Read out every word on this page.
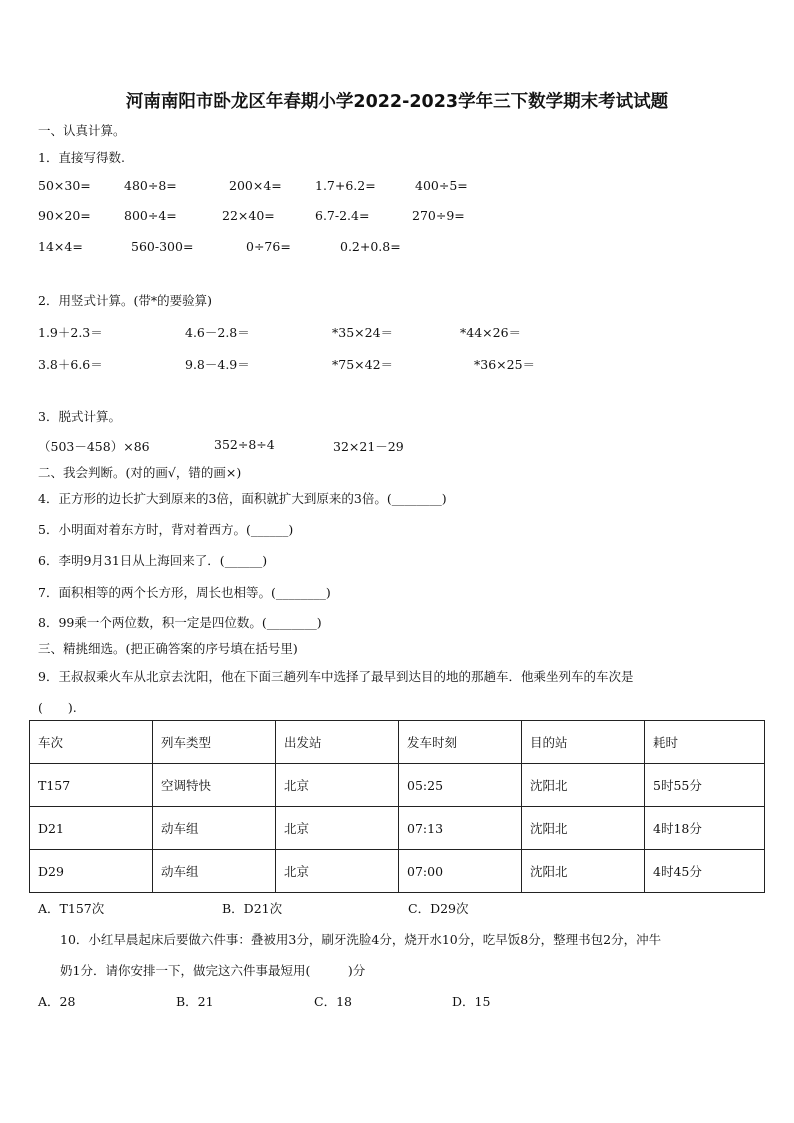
河南南阳市卧龙区年春期小学2022-2023学年三下数学期末考试试题
一、认真计算。
1．直接写得数.
50×30=	480÷8=	200×4=	1.7+6.2=	400÷5=
90×20=	800÷4=	22×40=	6.7-2.4=	270÷9=
14×4=	560-300=	0÷76=	0.2+0.8=
2．用竖式计算。(带*的要验算)
1.9＋2.3＝	4.6－2.8＝	*35×24＝	*44×26＝
3.8＋6.6＝	9.8－4.9＝	*75×42＝	*36×25＝
3．脱式计算。
（503－458）×86	352÷8÷4	32×21－29
二、我会判断。(对的画√，错的画×)
4．正方形的边长扩大到原来的3倍，面积就扩大到原来的3倍。(________)
5．小明面对着东方时，背对着西方。(______)
6．李明9月31日从上海回来了．(______)
7．面积相等的两个长方形，周长也相等。(________)
8．99乘一个两位数，积一定是四位数。(________)
三、精挑细选。(把正确答案的序号填在括号里)
9．王叔叔乘火车从北京去沈阳，他在下面三趟列车中选择了最早到达目的地的那趟车．他乘坐列车的车次是
(　　).
车次	列车类型	出发站	发车时刻	目的站	耗时
T157	空调特快	北京	05:25	沈阳北	5时55分
D21	动车组	北京	07:13	沈阳北	4时18分
D29	动车组	北京	07:00	沈阳北	4时45分
A．T157次	B．D21次	C．D29次
10．小红早晨起床后要做六件事：叠被用3分，刷牙洗脸4分，烧开水10分，吃早饭8分，整理书包2分，冲牛
奶1分．请你安排一下，做完这六件事最短用(　　　)分
A．28	B．21	C．18	D．15
